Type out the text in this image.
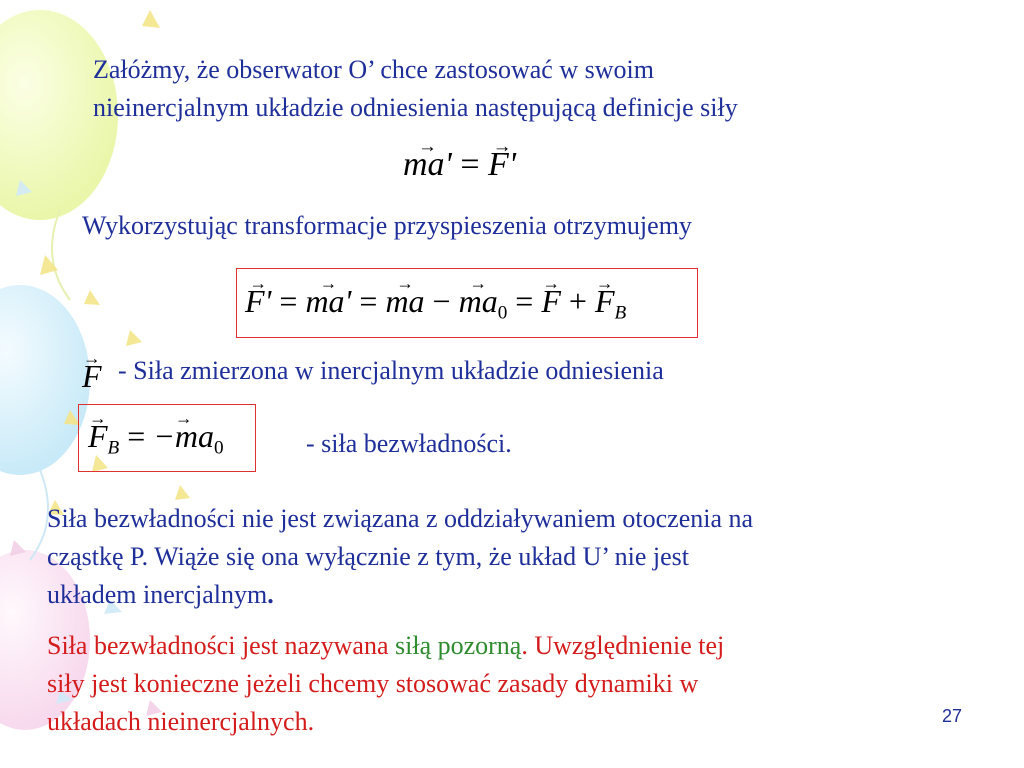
Załóżmy, że obserwator O’ chce zastosować w swoim

nieinercjalnym układzie odniesienia następującą definicje siły

→ ma' = → F'

Wykorzystując transformacje przyspieszenia otrzymujemy

→ F' = → ma' = → ma − → $ma_0$ = → F + → $F_B$
→ F - Siła zmierzona w inercjalnym układzie odniesienia

→ $F_B$ = → $-ma_0$	- siła bezwładności.

Siła bezwładności nie jest związana z oddziaływaniem otoczenia na

cząstkę P. Wiąże się ona wyłącznie z tym, że układ U’ nie jest

układem inercjalnym.

Siła bezwładności jest nazywana siłą pozorną. Uwzględnienie tej

siły jest konieczne jeżeli chcemy stosować zasady dynamiki w

układach nieinercjalnych.	27
